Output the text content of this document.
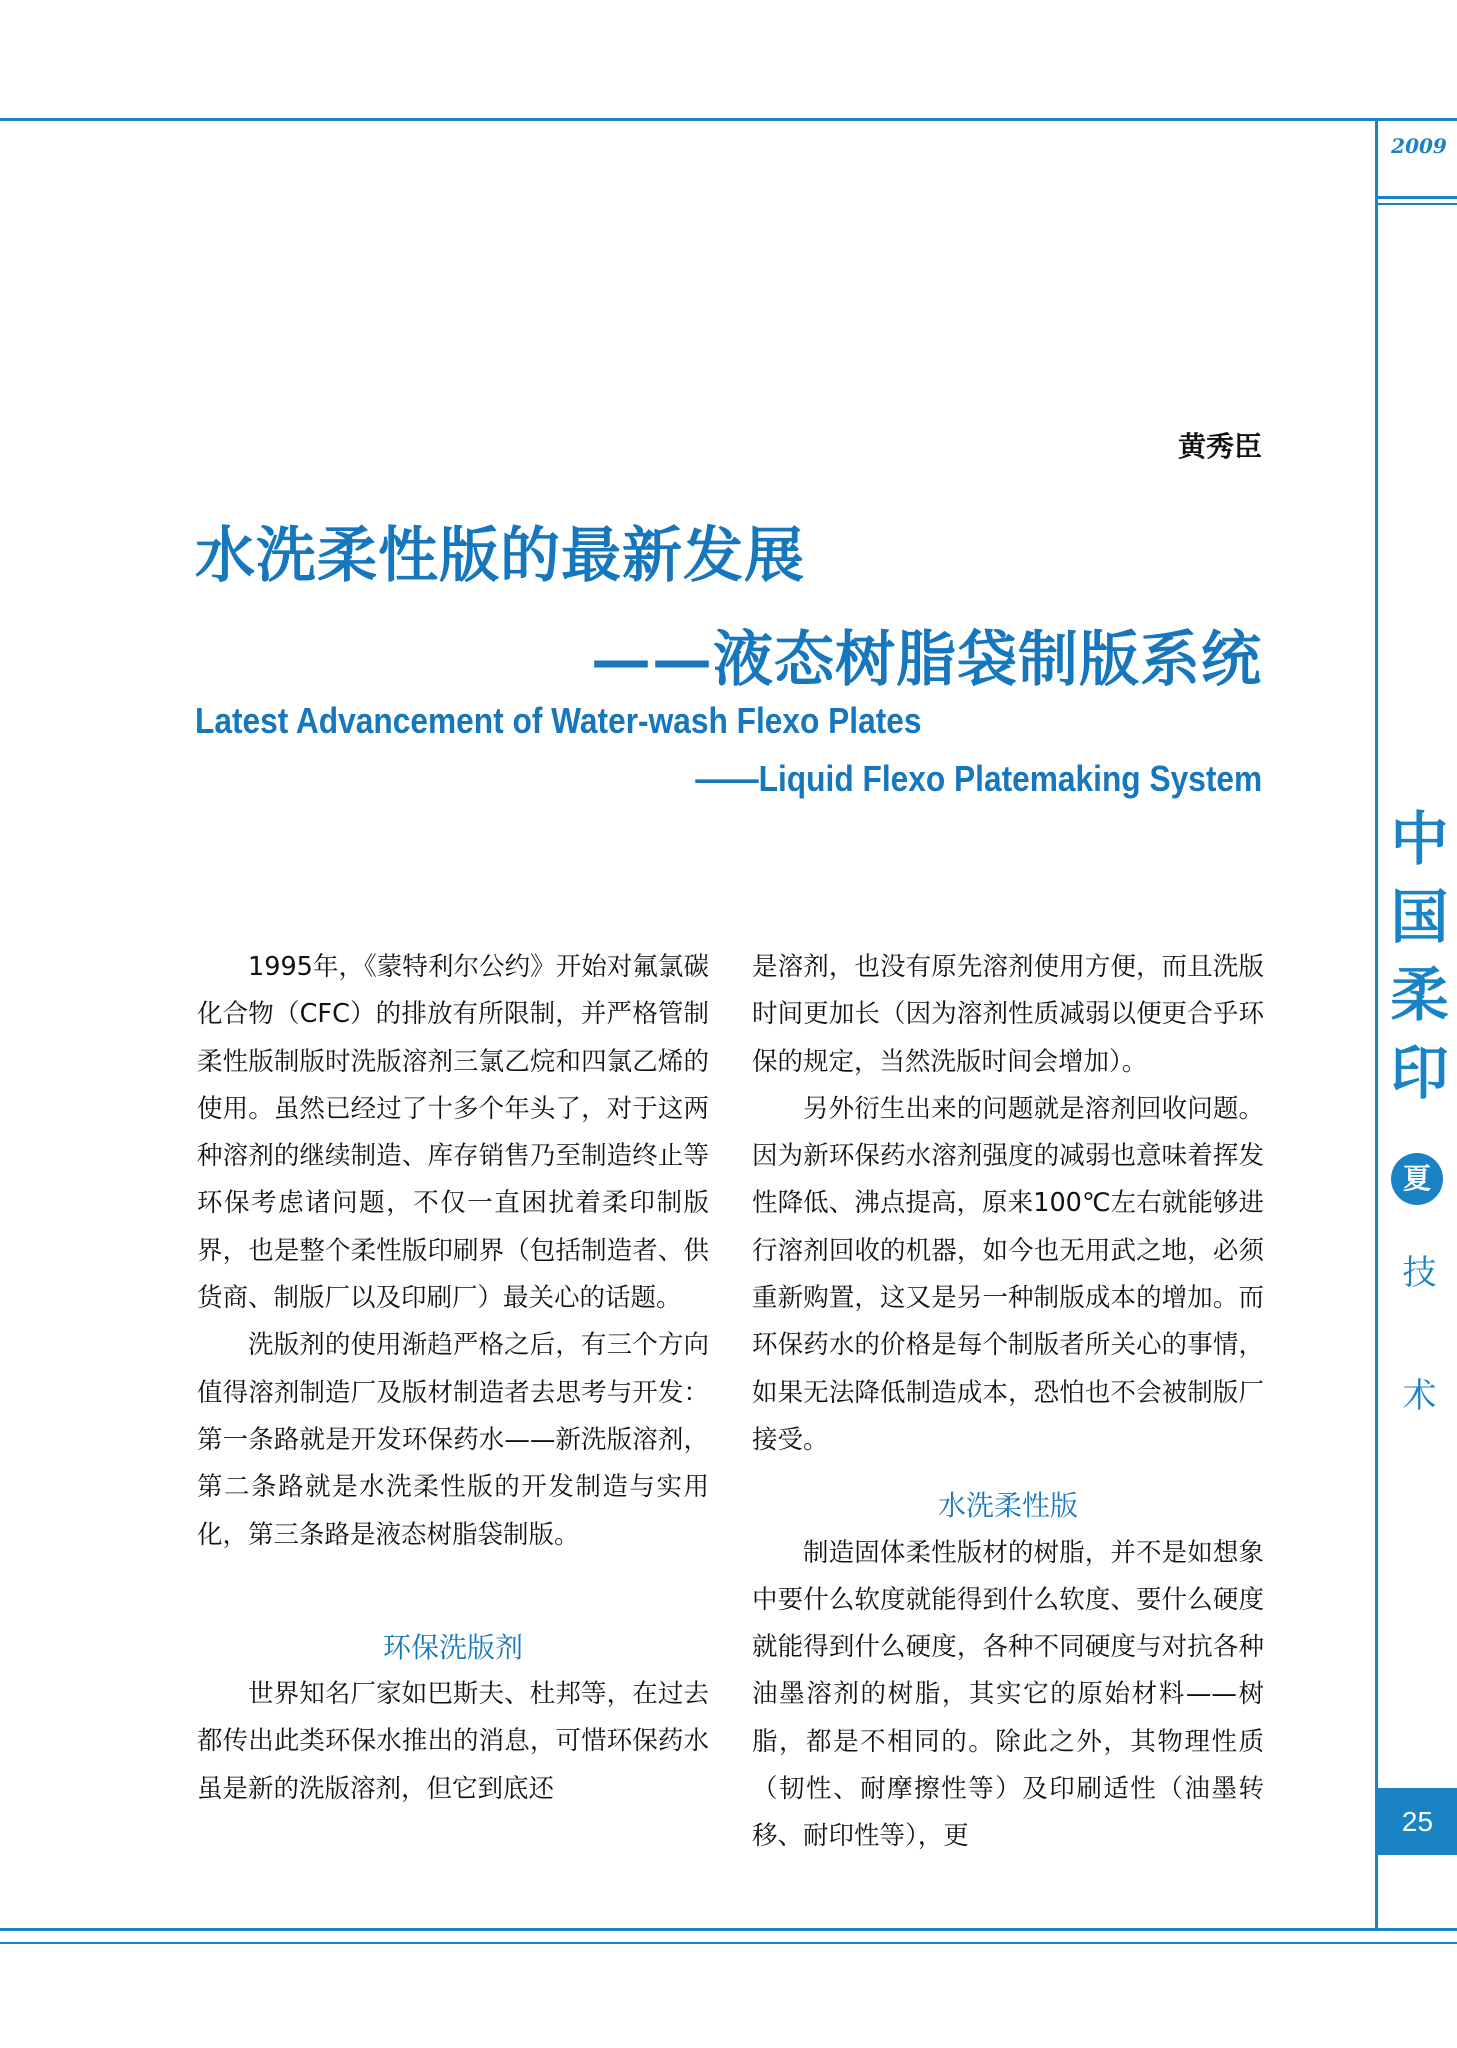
2009
黄秀臣
水洗柔性版的最新发展
——液态树脂袋制版系统
Latest Advancement of Water-wash Flexo Plates
——Liquid Flexo Platemaking System

1995年，《蒙特利尔公约》开始对氟氯碳化合物（CFC）的排放有所限制，并严格管制柔性版制版时洗版溶剂三氯乙烷和四氯乙烯的使用。虽然已经过了十多个年头了，对于这两种溶剂的继续制造、库存销售乃至制造终止等环保考虑诸问题，不仅一直困扰着柔印制版界，也是整个柔性版印刷界（包括制造者、供货商、制版厂以及印刷厂）最关心的话题。

洗版剂的使用渐趋严格之后，有三个方向值得溶剂制造厂及版材制造者去思考与开发：第一条路就是开发环保药水——新洗版溶剂，第二条路就是水洗柔性版的开发制造与实用化，第三条路是液态树脂袋制版。

环保洗版剂

世界知名厂家如巴斯夫、杜邦等，在过去都传出此类环保水推出的消息，可惜环保药水虽是新的洗版溶剂，但它到底还

是溶剂，也没有原先溶剂使用方便，而且洗版时间更加长（因为溶剂性质减弱以便更合乎环保的规定，当然洗版时间会增加）。

另外衍生出来的问题就是溶剂回收问题。因为新环保药水溶剂强度的减弱也意味着挥发性降低、沸点提高，原来100℃左右就能够进行溶剂回收的机器，如今也无用武之地，必须重新购置，这又是另一种制版成本的增加。而环保药水的价格是每个制版者所关心的事情，如果无法降低制造成本，恐怕也不会被制版厂接受。

水洗柔性版

制造固体柔性版材的树脂，并不是如想象中要什么软度就能得到什么软度、要什么硬度就能得到什么硬度，各种不同硬度与对抗各种油墨溶剂的树脂，其实它的原始材料——树脂，都是不相同的。除此之外，其物理性质（韧性、耐摩擦性等）及印刷适性（油墨转移、耐印性等），更

中
国
柔
印
夏
技
术
25
